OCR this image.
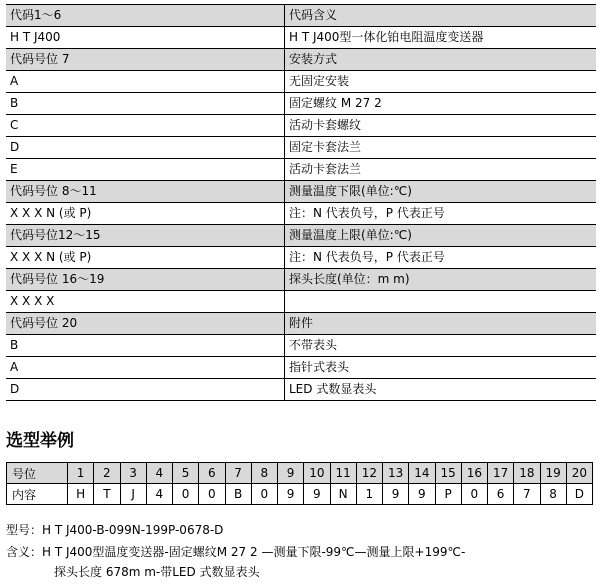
代码1～6	代码含义
H T J400	H T J400型一体化铂电阻温度变送器
代码号位 7	安装方式
A	无固定安装
B	固定螺纹 M 27 2
C	活动卡套螺纹
D	固定卡套法兰
E	活动卡套法兰
代码号位 8～11	测量温度下限(单位:℃)
X X X N (或 P)	注：N 代表负号，P 代表正号
代码号位12～15	测量温度上限(单位:℃)
X X X N (或 P)	注：N 代表负号，P 代表正号
代码号位 16～19	探头长度(单位：m m)
X X X X	
代码号位 20	附件
B	不带表头
A	指针式表头
D	LED 式数显表头
选型举例
号位	1	2	3	4	5	6	7	8	9	10	11	12	13	14	15	16	17	18	19	20
内容	H	T	J	4	0	0	B	0	9	9	N	1	9	9	P	0	6	7	8	D
型号：H T J400-B-099N-199P-0678-D
含义：H T J400型温度变送器-固定螺纹M 27 2 —测量下限-99℃—测量上限+199℃-
探头长度 678m m-带LED 式数显表头
